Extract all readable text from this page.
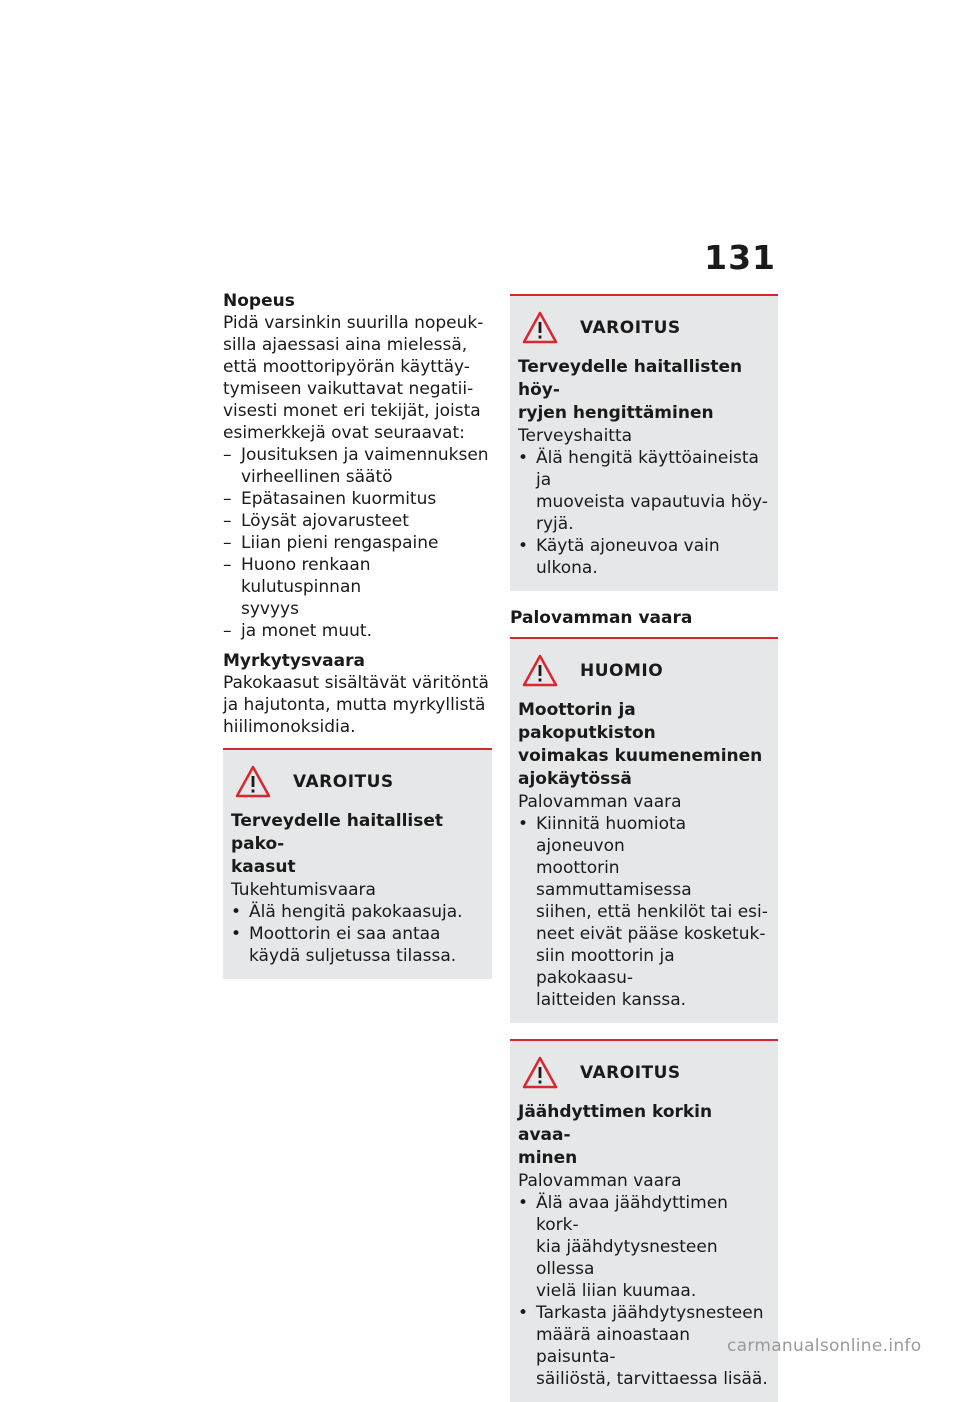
131

Nopeus

Pidä varsinkin suurilla nopeuk-
silla ajaessasi aina mielessä,
että moottoripyörän käyttäy-
tymiseen vaikuttavat negatii-
visesti monet eri tekijät, joista
esimerkkejä ovat seuraavat:
– Jousituksen ja vaimennuksen
virheellinen säätö
– Epätasainen kuormitus
– Löysät ajovarusteet
– Liian pieni rengaspaine
– Huono renkaan kulutuspinnan
syvyys
– ja monet muut.

Myrkytysvaara

Pakokaasut sisältävät väritöntä
ja hajutonta, mutta myrkyllistä
hiilimonoksidia.
VAROITUS
Terveydelle haitalliset pako-
kaasut

Tukehtumisvaara

• Älä hengitä pakokaasuja.
• Moottorin ei saa antaa
käydä suljetussa tilassa.
VAROITUS
Terveydelle haitallisten höy-
ryjen hengittäminen

Terveyshaitta

• Älä hengitä käyttöaineista ja
muoveista vapautuvia höy-
ryjä.
• Käytä ajoneuvoa vain ulkona.

Palovamman vaara

HUOMIO
Moottorin ja pakoputkiston
voimakas kuumeneminen
ajokäytössä

Palovamman vaara

• Kiinnitä huomiota ajoneuvon
moottorin sammuttamisessa
siihen, että henkilöt tai esi-
neet eivät pääse kosketuk-
siin moottorin ja pakokaasu-
laitteiden kanssa.
VAROITUS
Jäähdyttimen korkin avaa-
minen

Palovamman vaara

• Älä avaa jäähdyttimen kork-
kia jäähdytysnesteen ollessa
vielä liian kuumaa.
• Tarkasta jäähdytysnesteen
määrä ainoastaan paisunta-
säiliöstä, tarvittaessa lisää.
carmanualsonline.info
